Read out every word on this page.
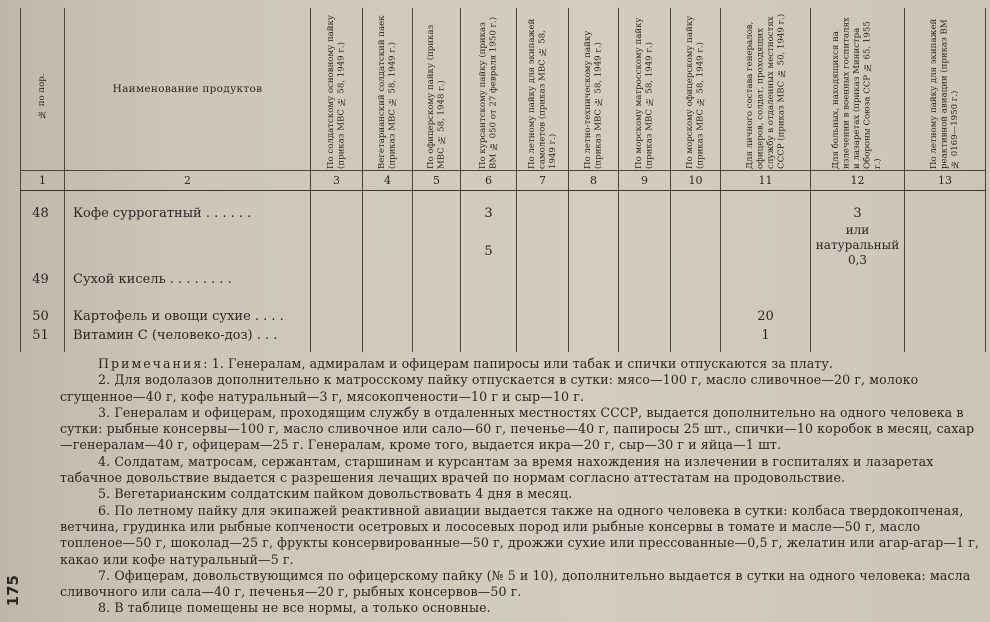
№ по пор.	Наименование продуктов	По солдатскому основному пайку (приказ МВС № 58, 1949 г.)	Вегетарианский солдатский паек (приказ МВС № 58, 1949 г.)	По офицерскому пайку (приказ МВС № 58, 1948 г.)	По курсантскому пайку (приказ ВМ № 050 от 27 февраля 1950 г.)	По летному пайку для экипажей самолетов (приказ МВС № 58, 1949 г.)	По летно-техническому пайку (приказ МВС № 58, 1949 г.)	По морскому матросскому пайку (приказ МВС № 58, 1949 г.)	По морскому офицерскому пайку (приказ МВС № 58, 1949 г.)	Для личного состава генералов, офицеров, солдат, проходящих службу в отдаленных местностях СССР (приказ МВС № 50, 1949 г.)	Для больных, находящихся на излечении в военных госпиталях и лазаретах (приказ Министра Обороны Союза ССР № 65, 1955 г.)	По летному пайку для экипажей реактивной авиации (приказ ВМ № 0169—1950 г.)

1	2	3	4	5	6	7	8	9	10	11	12	13

48	Кофе суррогатный . . . . . .				3						3
или натуральный 0,3	

49	Сухой кисель . . . . . . . .				5							
50	Картофель и овощи сухие . . . .									20		
51	Витамин С (человеко-доз) . . .									1		

Примечания: 1. Генералам, адмиралам и офицерам папиросы или табак и спички отпускаются за плату.

2. Для водолазов дополнительно к матросскому пайку отпускается в сутки: мясо—100 г, масло сливочное—20 г, молоко сгущенное—40 г, кофе натуральный—3 г, мясокопчености—10 г и сыр—10 г.

3. Генералам и офицерам, проходящим службу в отдаленных местностях СССР, выдается дополнительно на одного человека в сутки: рыбные консервы—100 г, масло сливочное или сало—60 г, печенье—40 г, папиросы 25 шт., спички—10 коробок в месяц, сахар—генералам—40 г, офицерам—25 г. Генералам, кроме того, выдается икра—20 г, сыр—30 г и яйца—1 шт.

4. Солдатам, матросам, сержантам, старшинам и курсантам за время нахождения на излечении в госпиталях и лазаретах табачное довольствие выдается с разрешения лечащих врачей по нормам согласно аттестатам на продовольствие.

5. Вегетарианским солдатским пайком довольствовать 4 дня в месяц.

6. По летному пайку для экипажей реактивной авиации выдается также на одного человека в сутки: колбаса твердокопченая, ветчина, грудинка или рыбные копчености осетровых и лососевых пород или рыбные консервы в томате и масле—50 г, масло топленое—50 г, шоколад—25 г, фрукты консервированные—50 г, дрожжи сухие или прессованные—0,5 г, желатин или агар-агар—1 г, какао или кофе натуральный—5 г.

7. Офицерам, довольствующимся по офицерскому пайку (№ 5 и 10), дополнительно выдается в сутки на одного человека: масла сливочного или сала—40 г, печенья—20 г, рыбных консервов—50 г.

8. В таблице помещены не все нормы, а только основные.

175
